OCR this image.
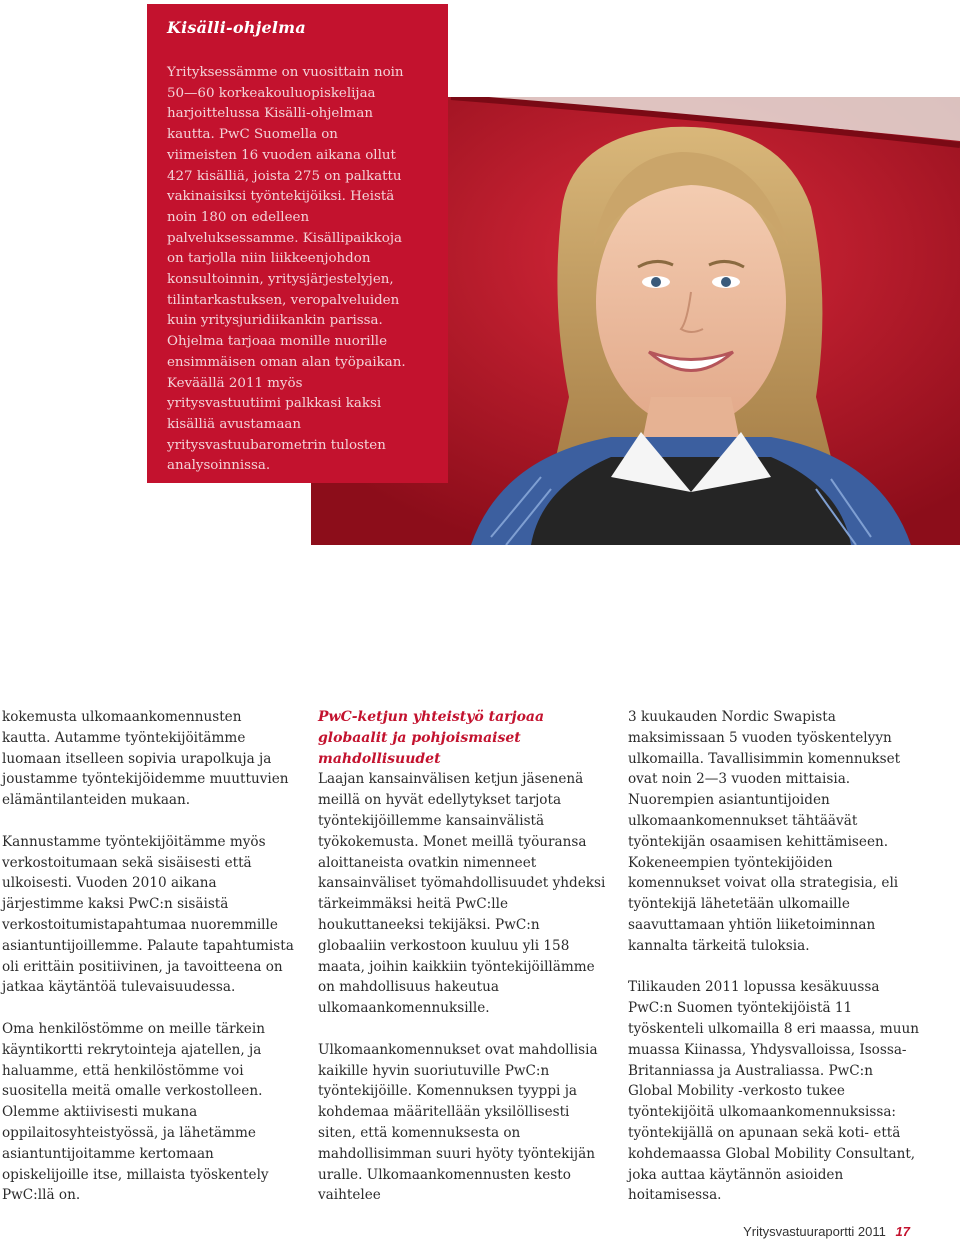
Kisälli-ohjelma

Yrityksessämme on vuosittain noin 50—60 korkeakouluopiskelijaa harjoittelussa Kisälli-ohjelman kautta. PwC Suomella on viimeisten 16 vuoden aikana ollut 427 kisälliä, joista 275 on palkattu vakinaisiksi työntekijöiksi. Heistä noin 180 on edelleen palveluksessamme. Kisällipaikkoja on tarjolla niin liikkeenjohdon konsultoinnin, yritysjärjestelyjen, tilintarkastuksen, veropalveluiden kuin yritysjuridiikankin parissa. Ohjelma tarjoaa monille nuorille ensimmäisen oman alan työpaikan. Keväällä 2011 myös yritysvastuutiimi palkkasi kaksi kisälliä avustamaan yritysvastuubarometrin tulosten analysoinnissa.

kokemusta ulkomaankomennusten kautta. Autamme työntekijöitämme luomaan itselleen sopivia urapolkuja ja joustamme työntekijöidemme muuttuvien elämäntilanteiden mukaan.

Kannustamme työntekijöitämme myös verkostoitumaan sekä sisäisesti että ulkoisesti. Vuoden 2010 aikana järjestimme kaksi PwC:n sisäistä verkostoitumistapahtumaa nuoremmille asiantuntijoillemme. Palaute tapahtumista oli erittäin positiivinen, ja tavoitteena on jatkaa käytäntöä tulevaisuudessa.

Oma henkilöstömme on meille tärkein käyntikortti rekrytointeja ajatellen, ja haluamme, että henkilöstömme voi suositella meitä omalle verkostolleen. Olemme aktiivisesti mukana oppilaitosyhteistyössä, ja lähetämme asiantuntijoitamme kertomaan opiskelijoille itse, millaista työskentely PwC:llä on.

PwC-ketjun yhteistyö tarjoaa globaalit ja pohjoismaiset mahdollisuudet

Laajan kansainvälisen ketjun jäsenenä meillä on hyvät edellytykset tarjota työntekijöillemme kansainvälistä työkokemusta. Monet meillä työuransa aloittaneista ovatkin nimenneet kansainväliset työmahdollisuudet yhdeksi tärkeimmäksi heitä PwC:lle houkuttaneeksi tekijäksi. PwC:n globaaliin verkostoon kuuluu yli 158 maata, joihin kaikkiin työntekijöillämme on mahdollisuus hakeutua ulkomaankomennuksille.

Ulkomaankomennukset ovat mahdollisia kaikille hyvin suoriutuville PwC:n työntekijöille. Komennuksen tyyppi ja kohdemaa määritellään yksilöllisesti siten, että komennuksesta on mahdollisimman suuri hyöty työntekijän uralle. Ulkomaankomennusten kesto vaihtelee

3 kuukauden Nordic Swapista maksimissaan 5 vuoden työskentelyyn ulkomailla. Tavallisimmin komennukset ovat noin 2—3 vuoden mittaisia. Nuorempien asiantuntijoiden ulkomaankomennukset tähtäävät työntekijän osaamisen kehittämiseen. Kokeneempien työntekijöiden komennukset voivat olla strategisia, eli työntekijä lähetetään ulkomaille saavuttamaan yhtiön liiketoiminnan kannalta tärkeitä tuloksia.

Tilikauden 2011 lopussa kesäkuussa PwC:n Suomen työntekijöistä 11 työskenteli ulkomailla 8 eri maassa, muun muassa Kiinassa, Yhdysvalloissa, Isossa-Britanniassa ja Australiassa. PwC:n Global Mobility -verkosto tukee työntekijöitä ulkomaankomennuksissa: työntekijällä on apunaan sekä koti- että kohdemaassa Global Mobility Consultant, joka auttaa käytännön asioiden hoitamisessa.

Yritysvastuuraportti 2011 17
